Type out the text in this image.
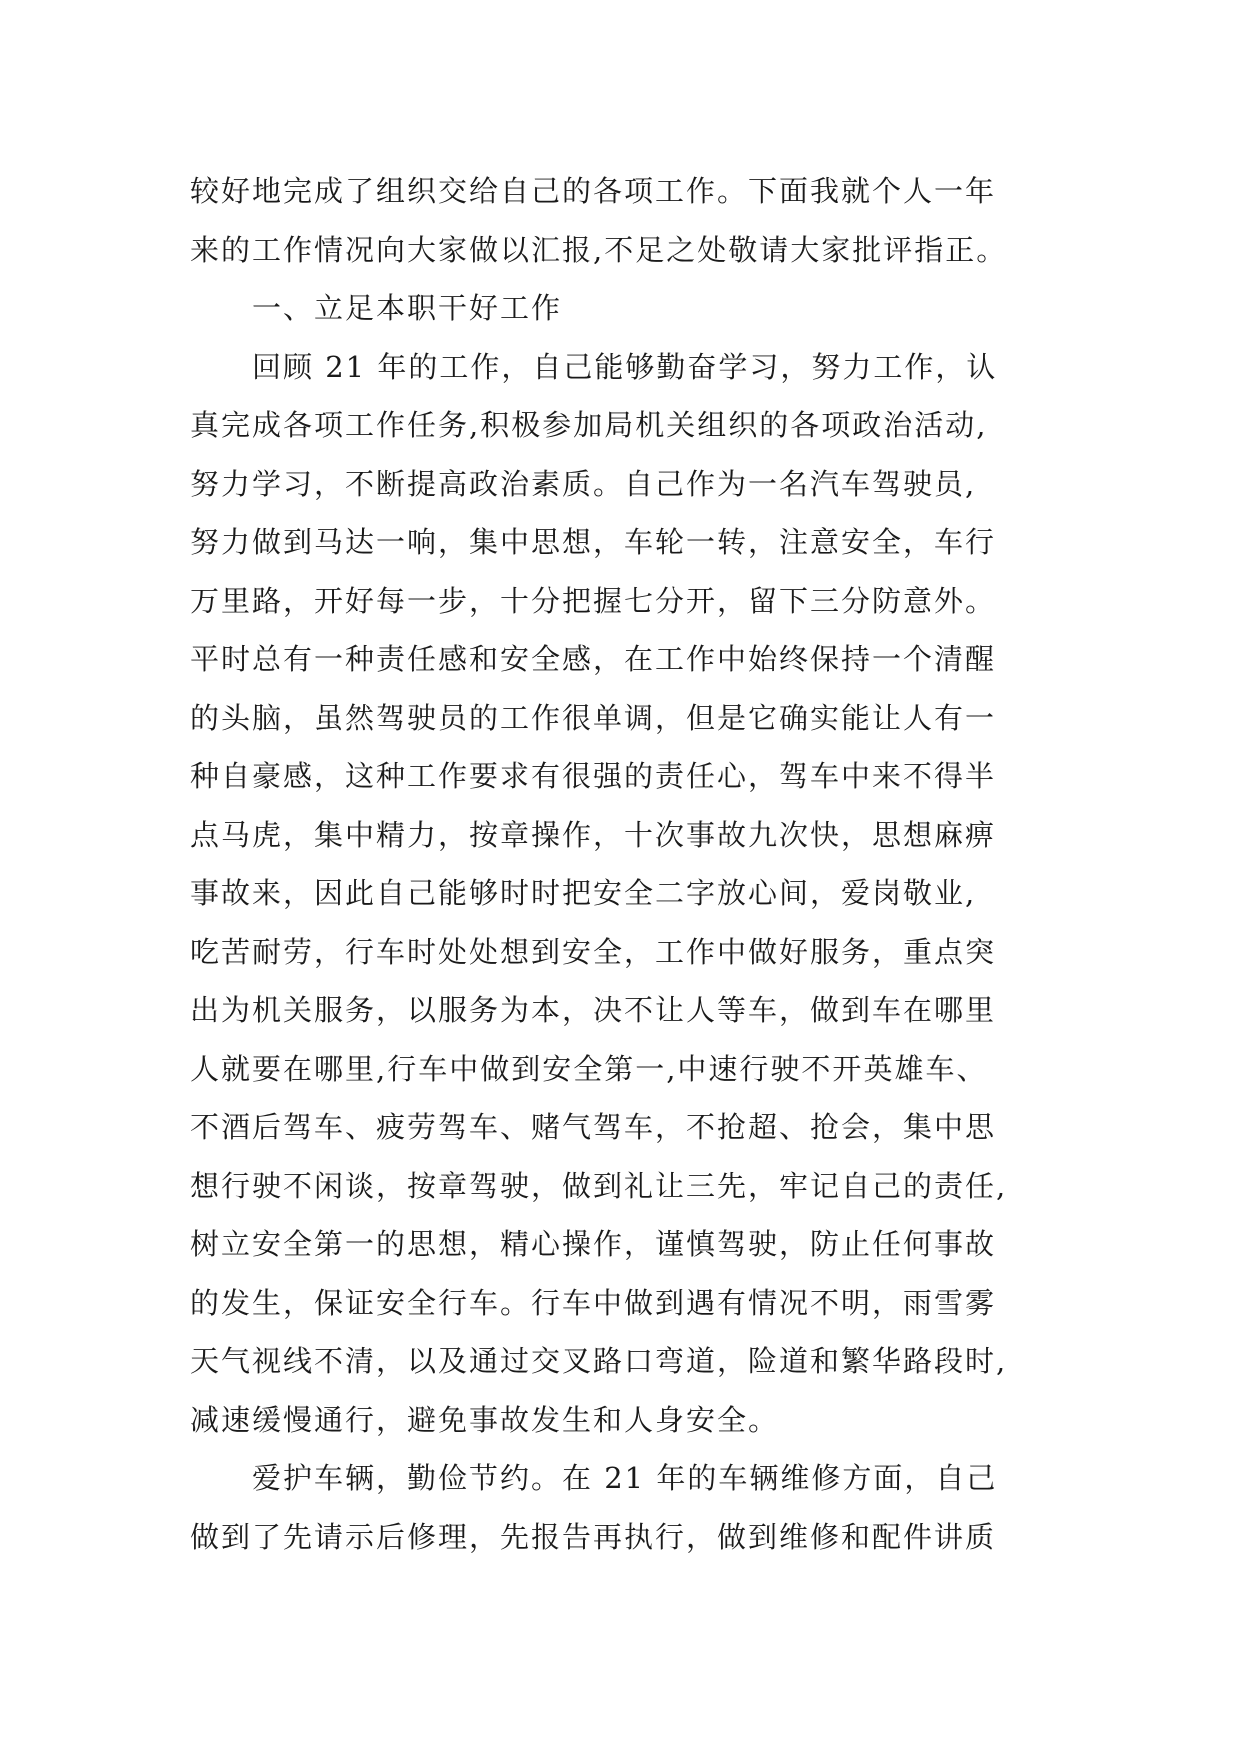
较好地完成了组织交给自己的各项工作。下面我就个人一年
来的工作情况向大家做以汇报,不足之处敬请大家批评指正。
一、立足本职干好工作
回顾 21 年的工作，自己能够勤奋学习，努力工作，认
真完成各项工作任务,积极参加局机关组织的各项政治活动,
努力学习，不断提高政治素质。自己作为一名汽车驾驶员,
努力做到马达一响，集中思想，车轮一转，注意安全，车行
万里路，开好每一步，十分把握七分开，留下三分防意外。
平时总有一种责任感和安全感，在工作中始终保持一个清醒
的头脑，虽然驾驶员的工作很单调，但是它确实能让人有一
种自豪感，这种工作要求有很强的责任心，驾车中来不得半
点马虎，集中精力，按章操作，十次事故九次快，思想麻痹
事故来，因此自己能够时时把安全二字放心间，爱岗敬业,
吃苦耐劳，行车时处处想到安全，工作中做好服务，重点突
出为机关服务，以服务为本，决不让人等车，做到车在哪里
人就要在哪里,行车中做到安全第一,中速行驶不开英雄车、
不酒后驾车、疲劳驾车、赌气驾车，不抢超、抢会，集中思
想行驶不闲谈，按章驾驶，做到礼让三先，牢记自己的责任,
树立安全第一的思想，精心操作，谨慎驾驶，防止任何事故
的发生，保证安全行车。行车中做到遇有情况不明，雨雪雾
天气视线不清，以及通过交叉路口弯道，险道和繁华路段时,
减速缓慢通行，避免事故发生和人身安全。
爱护车辆，勤俭节约。在 21 年的车辆维修方面，自己
做到了先请示后修理，先报告再执行，做到维修和配件讲质
